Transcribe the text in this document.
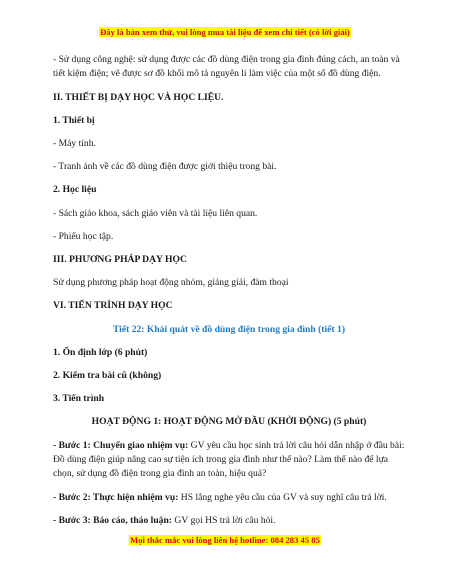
Đây là bản xem thử, vui lòng mua tài liệu để xem chi tiết (có lời giải)

- Sử dụng công nghệ: sử dụng được các đồ dùng điện trong gia đình đúng cách, an toàn và tiết kiệm điện; vẽ được sơ đồ khối mô tả nguyên lí làm việc của một số đồ dùng điện.

II. THIẾT BỊ DẠY HỌC VÀ HỌC LIỆU.

1. Thiết bị

- Máy tính.

- Tranh ảnh về các đồ dùng điện được giới thiệu trong bài.

2. Học liệu

- Sách giáo khoa, sách giáo viên và tài liệu liên quan.

- Phiếu học tập.

III. PHƯƠNG PHÁP DẠY HỌC

Sử dụng phương pháp hoạt động nhóm, giảng giải, đàm thoại

VI. TIẾN TRÌNH DẠY HỌC

Tiết 22: Khái quát về đồ dùng điện trong gia đình (tiết 1)

1. Ổn định lớp (6 phút)

2. Kiểm tra bài cũ (không)

3. Tiến trình

HOẠT ĐỘNG 1: HOẠT ĐỘNG MỞ ĐẦU (KHỞI ĐỘNG) (5 phút)

- Bước 1: Chuyển giao nhiệm vụ: GV yêu cầu học sinh trả lời câu hỏi dẫn nhập ở đầu bài: Đồ dùng điện giúp nâng cao sự tiện ích trong gia đình như thế nào? Làm thế nào để lựa chọn, sử dụng đồ điện trong gia đình an toàn, hiệu quả?

- Bước 2: Thực hiện nhiệm vụ: HS lắng nghe yêu cầu của GV và suy nghĩ câu trả lời.

- Bước 3: Báo cáo, thảo luận: GV gọi HS trả lời câu hỏi.

Mọi thắc mắc vui lòng liên hệ hotline: 084 283 45 85
